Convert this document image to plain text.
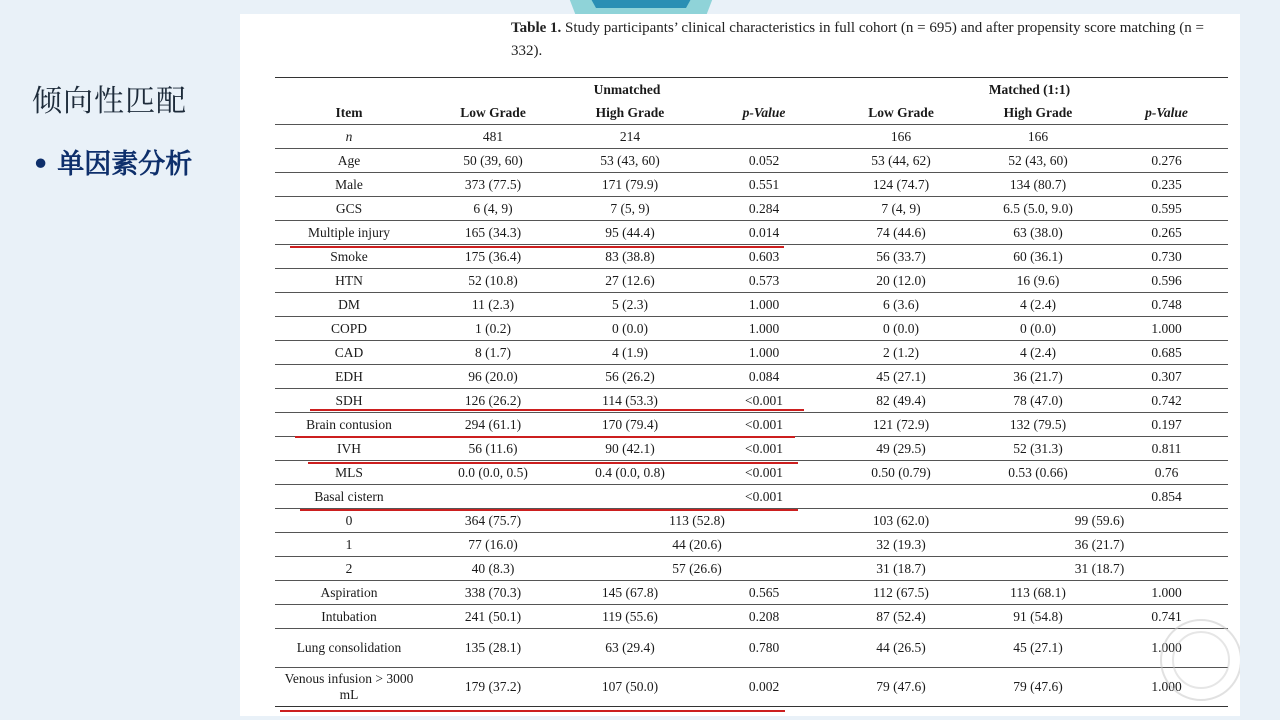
倾向性匹配
• 单因素分析
Table 1. Study participants’ clinical characteristics in full cohort (n = 695) and after propensity score matching (n = 332).
	Unmatched			Matched (1:1)		
Item	Low Grade	High Grade	p-Value	Low Grade	High Grade	p-Value
n	481	214		166	166	
Age	50 (39, 60)	53 (43, 60)	0.052	53 (44, 62)	52 (43, 60)	0.276
Male	373 (77.5)	171 (79.9)	0.551	124 (74.7)	134 (80.7)	0.235
GCS	6 (4, 9)	7 (5, 9)	0.284	7 (4, 9)	6.5 (5.0, 9.0)	0.595
Multiple injury	165 (34.3)	95 (44.4)	0.014	74 (44.6)	63 (38.0)	0.265
Smoke	175 (36.4)	83 (38.8)	0.603	56 (33.7)	60 (36.1)	0.730
HTN	52 (10.8)	27 (12.6)	0.573	20 (12.0)	16 (9.6)	0.596
DM	11 (2.3)	5 (2.3)	1.000	6 (3.6)	4 (2.4)	0.748
COPD	1 (0.2)	0 (0.0)	1.000	0 (0.0)	0 (0.0)	1.000
CAD	8 (1.7)	4 (1.9)	1.000	2 (1.2)	4 (2.4)	0.685
EDH	96 (20.0)	56 (26.2)	0.084	45 (27.1)	36 (21.7)	0.307
SDH	126 (26.2)	114 (53.3)	<0.001	82 (49.4)	78 (47.0)	0.742
Brain contusion	294 (61.1)	170 (79.4)	<0.001	121 (72.9)	132 (79.5)	0.197
IVH	56 (11.6)	90 (42.1)	<0.001	49 (29.5)	52 (31.3)	0.811
MLS	0.0 (0.0, 0.5)	0.4 (0.0, 0.8)	<0.001	0.50 (0.79)	0.53 (0.66)	0.76
Basal cistern			<0.001			0.854
0	364 (75.7)	113 (52.8)		103 (62.0)	99 (59.6)	
1	77 (16.0)	44 (20.6)		32 (19.3)	36 (21.7)	
2	40 (8.3)	57 (26.6)		31 (18.7)	31 (18.7)	
Aspiration	338 (70.3)	145 (67.8)	0.565	112 (67.5)	113 (68.1)	1.000
Intubation	241 (50.1)	119 (55.6)	0.208	87 (52.4)	91 (54.8)	0.741
Lung consolidation	135 (28.1)	63 (29.4)	0.780	44 (26.5)	45 (27.1)	1.000
Venous infusion > 3000 mL	179 (37.2)	107 (50.0)	0.002	79 (47.6)	79 (47.6)	1.000
